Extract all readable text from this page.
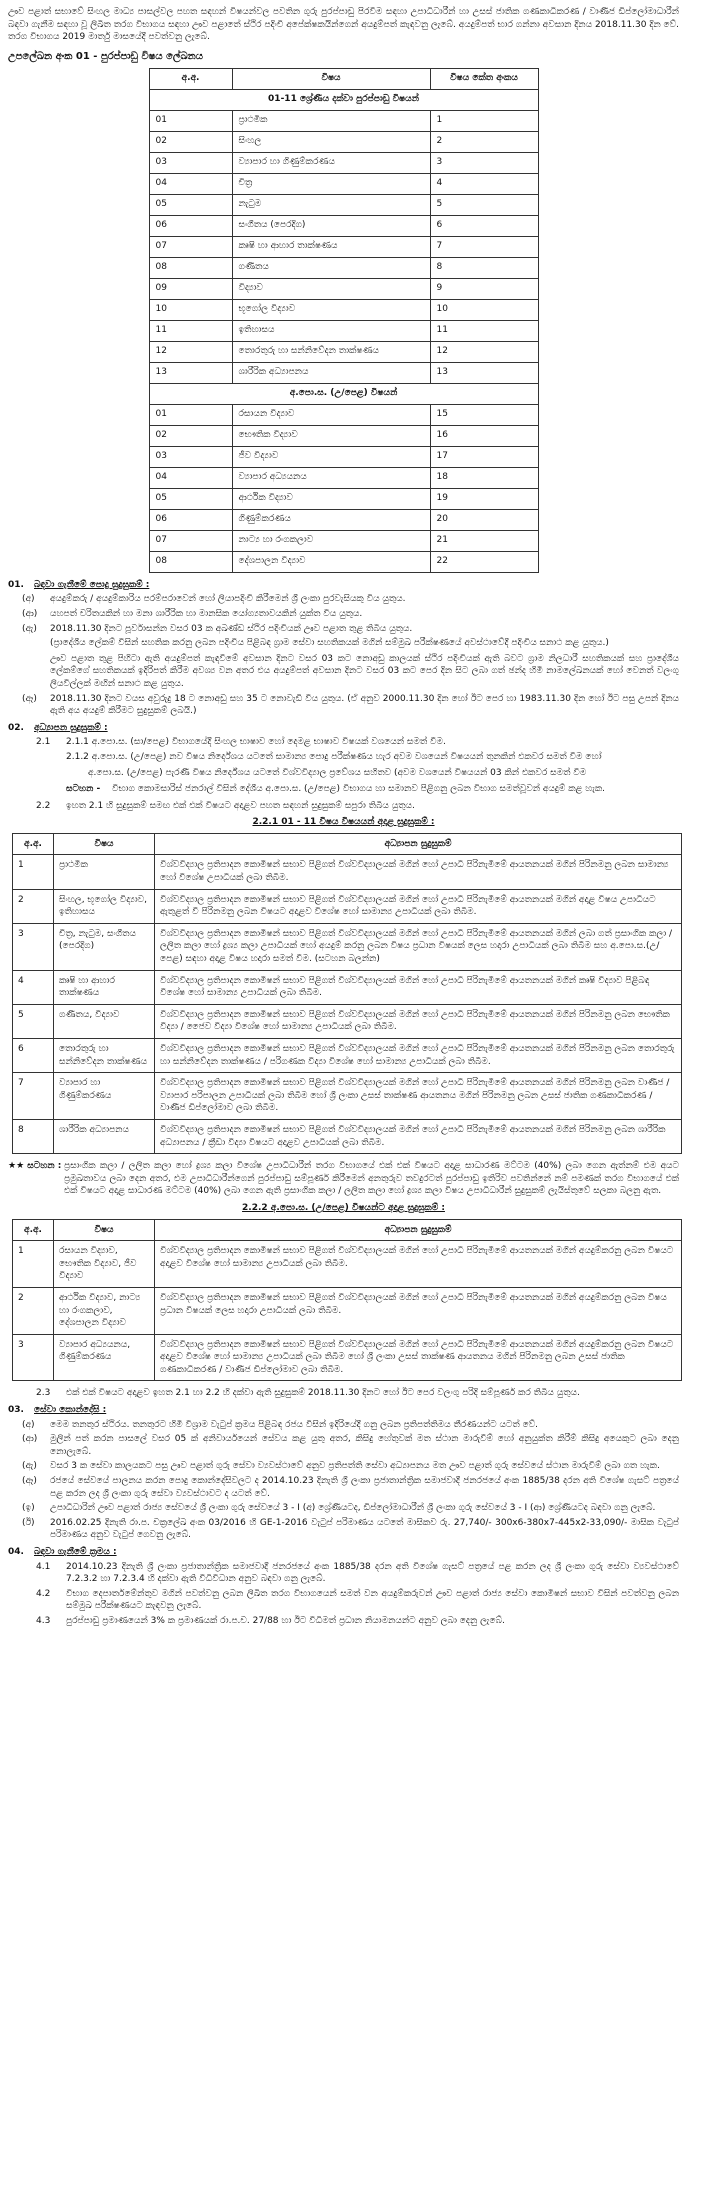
ඌව පළාත් සභාවේ සිංහල මාධ්‍ය පාසල්වල පහත සඳහන් විෂයන්වල පවතින ගුරු පුරප්පාඩු පිරවීම සඳහා උපාධිධාරීන් හා උසස් ජාතික ගණකාධිකරණ / වාණිජ ඩිප්ලෝමාධාරීන් බඳවා ගැනීම සඳහා වූ ලිඛිත තරග විභාගය සඳහා ඌව පළාතේ ස්ථිර පදිංචි අපේක්ෂකයින්ගෙන් අයදුම්පත් කැඳවනු ලැබේ. අයදුම්පත් භාර ගන්නා අවසාන දිනය 2018.11.30 දින වේ. තරග විභාගය 2019 මාර්තු මාසයේදී පවත්වනු ලැබේ.

උපලේඛන අංක 01 - පුරප්පාඩු විෂය ලේඛනය
අ.අ.	විෂය	විෂය කේත අංකය
01-11 ශ්‍රේණිය දක්වා පුරප්පාඩු විෂයන්		
01	ප්‍රාථමික	1
02	සිංහල	2
03	ව්‍යාපාර හා ගිණුම්කරණය	3
04	චිත්‍ර	4
05	නැටුම	5
06	සංගීතය (පෙරදිග)	6
07	කෘෂි හා ආහාර තාක්ෂණය	7
08	ගණිතය	8
09	විද්‍යාව	9
10	භූගෝල විද්‍යාව	10
11	ඉතිහාසය	11
12	තොරතුරු හා සන්නිවේදන තාක්ෂණය	12
13	ශාරීරික අධ්‍යාපනය	13
අ.පො.ස. (උ/පෙළ) විෂයන්		
01	රසායන විද්‍යාව	15
02	භෞතික විද්‍යාව	16
03	ජීව විද්‍යාව	17
04	ව්‍යාපාර අධ්‍යයනය	18
05	ආර්ථික විද්‍යාව	19
06	ගිණුම්කරණය	20
07	නාට්‍ය හා රංගකලාව	21
08	දේශපාලන විද්‍යාව	22
01.	බඳවා ගැනීමේ පොදු සුදුසුකම් :
(අ)	අයදුම්කරු / අයදුම්කාරිය පරම්පරාවෙන් හෝ ලියාපදිංචි කිරීමෙන් ශ්‍රී ලංකා පුරවැසියකු විය යුතුය.
(ආ)	යහපත් චරිතයකින් හා මනා ශාරීරික හා මානසික යෝග්‍යතාවයකින් යුක්ත විය යුතුය.
(ඇ)	2018.11.30 දිනට පූර්වාසන්න වසර 03 ක අඛණ්ඩ ස්ථිර පදිංචියක් ඌව පළාත තුළ තිබිය යුතුය.
(ප්‍රාදේශීය ලේකම් විසින් සහතික කරනු ලබන පදිංචිය පිළිබඳ ග්‍රාම සේවා සහතිකයක් මගින් සම්මුඛ පරීක්ෂණයේ අවස්ථාවේදී පදිංචිය සනාථ කළ යුතුය.)
ඌව පළාත තුළ පිහිටා ඇති අයදුම්පත් කැඳවීමේ අවසාන දිනට වසර 03 කට නොඅඩු කාලයක් ස්ථිර පදිංචියක් ඇති බවට ග්‍රාම නිලධාරී සහතිකයක් සහ ප්‍රාදේශීය ලේකම්ගේ සහතිකයක් ඉදිරිපත් කිරීම අවශ්‍ය වන අතර එය අයදුම්පත් අවසාන දිනට වසර 03 කට පෙර දින සිට ලබා ගත් ඡන්ද හිමි නාමලේඛනයක් හෝ වෙනත් වලංගු ලියවිල්ලක් මඟින් සනාථ කළ යුතුය.
(ඈ)	2018.11.30 දිනට වයස අවුරුදු 18 ට නොඅඩු සහ 35 ට නොවැඩි විය යුතුය. (ඒ අනුව 2000.11.30 දින හෝ ඊට පෙර හා 1983.11.30 දින හෝ ඊට පසු උපන් දිනය ඇති අය අයදුම් කිරීමට සුදුසුකම් ලබයි.)
02.	අධ්‍යාපන සුදුසුකම් :
2.1	2.1.1 අ.පො.ස. (සා/පෙළ) විභාගයේදී සිංහල භාෂාව හෝ දෙමළ භාෂාව විෂයක් වශයෙන් සමත් වීම.
2.1.2 අ.පො.ස. (උ/පෙළ) නව විෂය නිර්දේශය යටතේ සාමාන්‍ය පොදු පරීක්ෂණය හැර අවම වශයෙන් විෂයයන් තුනකින් එකවර සමත් වීම හෝ
අ.පො.ස. (උ/පෙළ) පැරණි විෂය නිර්දේශය යටතේ විශ්වවිද්‍යාල ප්‍රවේශය සහිතව (අවම වශයෙන් විෂයයන් 03 කින් එකවර සමත් වීම
සටහන -	විභාග කොමසාරිස් ජනරාල් විසින් දේශීය අ.පො.ස. (උ/පෙළ) විභාගය හා සමානව පිළිගනු ලබන විභාග සමත්වූවන් අයදුම් කළ හැක.
2.2	ඉහත 2.1 හි සුදුසුකම් සමඟ එක් එක් විෂයට අදාළව පහත සඳහන් සුදුසුකම් සපුරා තිබිය යුතුය.
2.2.1 01 - 11 විෂය විෂයයන් අදාළ සුදුසුකම් :
අ.අ.	විෂය	අධ්‍යාපන සුදුසුකම්
1	ප්‍රාථමික	විශ්වවිද්‍යාල ප්‍රතිපාදන කොමිෂන් සභාව පිළිගත් විශ්වවිද්‍යාලයක් මගින් හෝ උපාධි පිරිනැමීමේ ආයතනයක් මගින් පිරිනමනු ලබන සාමාන්‍ය හෝ විශේෂ උපාධියක් ලබා තිබීම.
2	සිංහල, භූගෝල විද්‍යාව, ඉතිහාසය	විශ්වවිද්‍යාල ප්‍රතිපාදන කොමිෂන් සභාව පිළිගත් විශ්වවිද්‍යාලයක් මගින් හෝ උපාධි පිරිනැමීමේ ආයතනයක් මගින් අදාළ විෂය උපාධියට ඇතුළත් වී පිරිනමනු ලබන විෂයට අදාළව විශේෂ හෝ සාමාන්‍ය උපාධියක් ලබා තිබීම.
3	චිත්‍ර, නැටුම, සංගීතය (පෙරදිග)	විශ්වවිද්‍යාල ප්‍රතිපාදන කොමිෂන් සභාව පිළිගත් විශ්වවිද්‍යාලයක් මගින් හෝ උපාධි පිරිනැමීමේ ආයතනයක් මගින් ලබා ගත් ප්‍රසාංගික කලා / ලලිත කලා හෝ ද්‍රශ්‍ය කලා උපාධියක් හෝ අයදුම් කරනු ලබන විෂය ප්‍රධාන විෂයක් ලෙස හදාරා උපාධියක් ලබා තිබීම සහ අ.පො.ස.(උ/පෙළ) සඳහා අදාළ විෂය හදාරා සමත් වීම. (සටහන බලන්න)
4	කෘෂි හා ආහාර තාක්ෂණය	විශ්වවිද්‍යාල ප්‍රතිපාදන කොමිෂන් සභාව පිළිගත් විශ්වවිද්‍යාලයක් මගින් හෝ උපාධි පිරිනැමීමේ ආයතනයක් මගින් කෘෂි විද්‍යාව පිළිබඳ විශේෂ හෝ සාමාන්‍ය උපාධියක් ලබා තිබීම.
5	ගණිතය, විද්‍යාව	විශ්වවිද්‍යාල ප්‍රතිපාදන කොමිෂන් සභාව පිළිගත් විශ්වවිද්‍යාලයක් මගින් හෝ උපාධි පිරිනැමීමේ ආයතනයක් මගින් පිරිනමනු ලබන භෞතික විද්‍යා / ජෛව විද්‍යා විශේෂ හෝ සාමාන්‍ය උපාධියක් ලබා තිබීම.
6	තොරතුරු හා සන්නිවේදන තාක්ෂණය	විශ්වවිද්‍යාල ප්‍රතිපාදන කොමිෂන් සභාව පිළිගත් විශ්වවිද්‍යාලයක් මගින් හෝ උපාධි පිරිනැමීමේ ආයතනයක් මගින් පිරිනමනු ලබන තොරතුරු හා සන්නිවේදන තාක්ෂණය / පරිගණක විද්‍යා විශේෂ හෝ සාමාන්‍ය උපාධියක් ලබා තිබීම.
7	ව්‍යාපාර හා ගිණුම්කරණය	විශ්වවිද්‍යාල ප්‍රතිපාදන කොමිෂන් සභාව පිළිගත් විශ්වවිද්‍යාලයක් මගින් හෝ උපාධි පිරිනැමීමේ ආයතනයක් මගින් පිරිනමනු ලබන වාණිජ / ව්‍යාපාර පරිපාලන උපාධියක් ලබා තිබීම හෝ ශ්‍රී ලංකා උසස් තාක්ෂණ ආයතනය මගින් පිරිනමනු ලබන උසස් ජාතික ගණකාධිකරණ / වාණිජ ඩිප්ලෝමාව ලබා තිබීම.
8	ශාරීරික අධ්‍යාපනය	විශ්වවිද්‍යාල ප්‍රතිපාදන කොමිෂන් සභාව පිළිගත් විශ්වවිද්‍යාලයක් මගින් හෝ උපාධි පිරිනැමීමේ ආයතනයක් මගින් පිරිනමනු ලබන ශාරීරික අධ්‍යාපනය / ක්‍රීඩා විද්‍යා විෂයට අදාළව උපාධියක් ලබා තිබීම.
★★ සටහන : ප්‍රසාංගික කලා / ලලිත කලා හෝ ද්‍රශ්‍ය කලා විශේෂ උපාධිධාරීන් තරග විභාගයේ එක් එක් විෂයට අදාළ සාධාරණ මට්ටම (40%) ලබා ගෙන ඇත්නම් එම අයට ප්‍රමුඛතාවය ලබා දෙන අතර, එම උපාධිධාරීන්ගෙන් පුරප්පාඩු සම්පූර්ණ කිරීමෙන් අනතුරුව තවදුරටත් පුරප්පාඩු ඉතිරිව පවතින්නේ නම් පමණක් තරග විභාගයේ එක් එක් විෂයට අදාළ සාධාරණ මට්ටම (40%) ලබා ගෙන ඇති ප්‍රසාංගික කලා / ලලිත කලා හෝ ද්‍රශ්‍ය කලා විෂය උපාධිධාරීන් සුදුසුකම් ලැයිස්තුවේ සලකා බලනු ඇත.
2.2.2 අ.පො.ස. (උ/පෙළ) විෂයන්ට අදාළ සුදුසුකම් :
අ.අ.	විෂය	අධ්‍යාපන සුදුසුකම්
1	රසායන විද්‍යාව, භෞතික විද්‍යාව, ජීව විද්‍යාව	විශ්වවිද්‍යාල ප්‍රතිපාදන කොමිෂන් සභාව පිළිගත් විශ්වවිද්‍යාලයක් මගින් හෝ උපාධි පිරිනැමීමේ ආයතනයක් මගින් අයදුම්කරනු ලබන විෂයට අදාළව විශේෂ හෝ සාමාන්‍ය උපාධියක් ලබා තිබීම.
2	ආර්ථික විද්‍යාව, නාට්‍ය හා රංගකලාව, දේශපාලන විද්‍යාව	විශ්වවිද්‍යාල ප්‍රතිපාදන කොමිෂන් සභාව පිළිගත් විශ්වවිද්‍යාලයක් මගින් හෝ උපාධි පිරිනැමීමේ ආයතනයක් මගින් අයදුම්කරනු ලබන විෂය ප්‍රධාන විෂයක් ලෙස හදාරා උපාධියක් ලබා තිබීම.
3	ව්‍යාපාර අධ්‍යයනය, ගිණුම්කරණය	විශ්වවිද්‍යාල ප්‍රතිපාදන කොමිෂන් සභාව පිළිගත් විශ්වවිද්‍යාලයක් මගින් හෝ උපාධි පිරිනැමීමේ ආයතනයක් මගින් අයදුම්කරනු ලබන විෂයට අදාළව විශේෂ හෝ සාමාන්‍ය උපාධියක් ලබා තිබීම හෝ ශ්‍රී ලංකා උසස් තාක්ෂණ ආයතනය මගින් පිරිනමනු ලබන උසස් ජාතික ගණකාධිකරණ / වාණිජ ඩිප්ලෝමාව ලබා තිබීම.
2.3	එක් එක් විෂයට අදාළව ඉහත 2.1 හා 2.2 හි දක්වා ඇති සුදුසුකම් 2018.11.30 දිනට හෝ ඊට පෙර වලංගු පරිදි සම්පූර්ණ කර තිබිය යුතුය.
03.	සේවා කොන්දේසි :
(අ)	මෙම තනතුර ස්ථිරය. තනතුරට හිමි විශ්‍රාම වැටුප් ක්‍රමය පිළිබඳ රජය විසින් ඉදිරියේදී ගනු ලබන ප්‍රතිපත්තිමය තීරණයන්ට යටත් වේ.
(ආ)	මුලින් පත් කරන පාසලේ වසර 05 ක් අනිවාර්යයෙන් සේවය කළ යුතු අතර, කිසිදු හේතුවක් මත ස්ථාන මාරුවීම් හෝ අනුයුක්ත කිරීම් කිසිදු අයෙකුට ලබා දෙනු නොලැබේ.
(ඇ)	වසර 3 ක සේවා කාලයකට පසු ඌව පළාත් ගුරු සේවා ව්‍යවස්ථාවේ අනුව ප්‍රතිපත්ති සේවා අධ්‍යාපනය මත ඌව පළාත් ගුරු සේවයේ ස්ථාන මාරුවීම් ලබා ගත හැක.
(ඈ)	රජයේ සේවයේ පාලනය කරන පොදු කොන්දේසිවලට ද 2014.10.23 දිනැති ශ්‍රී ලංකා ප්‍රජාතාන්ත්‍රික සමාජවාදී ජනරජයේ අංක 1885/38 දරන අති විශේෂ ගැසට් පත්‍රයේ පළ කරන ලද ශ්‍රී ලංකා ගුරු සේවා ව්‍යවස්ථාවට ද යටත් වේ.
(ඉ)	උපාධිධාරින් ඌව පළාත් රාජ්‍ය සේවයේ ශ්‍රී ලංකා ගුරු සේවයේ 3 - I (අ) ශ්‍රේණියටද, ඩිප්ලෝමාධාරීන් ශ්‍රී ලංකා ගුරු සේවයේ 3 - I (ආ) ශ්‍රේණියටද බඳවා ගනු ලැබේ.
(ඊ)	2016.02.25 දිනැති රා.ප. චක්‍රලේඛ අංක 03/2016 හි GE-1-2016 වැටුප් පරිමාණය යටතේ මාසිකව රු. 27,740/- 300x6-380x7-445x2-33,090/- මාසික වැටුප් පරිමාණය අනුව වැටුප් ගෙවනු ලැබේ.
04.	බඳවා ගැනීමේ ක්‍රමය :
4.1	2014.10.23 දිනැති ශ්‍රී ලංකා ප්‍රජාතාන්ත්‍රික සමාජවාදී ජනරජයේ අංක 1885/38 දරන අති විශේෂ ගැසට් පත්‍රයේ පළ කරන ලද ශ්‍රී ලංකා ගුරු සේවා ව්‍යවස්ථාවේ 7.2.3.2 හා 7.2.3.4 හි දක්වා ඇති විධිවිධාන අනුව බඳවා ගනු ලැබේ.
4.2	විභාග දෙපාර්තමේන්තුව මගින් පවත්වනු ලබන ලිඛිත තරග විභාගයෙන් සමත් වන අයදුම්කරුවන් ඌව පළාත් රාජ්‍ය සේවා කොමිෂන් සභාව විසින් පවත්වනු ලබන සම්මුඛ පරීක්ෂණයට කැඳවනු ලැබේ.
4.3	පුරප්පාඩු ප්‍රමාණයෙන් 3% ක ප්‍රමාණයක් රා.ප.ච. 27/88 හා ඊට විධිමත් ප්‍රධාන නියාමනයන්ට අනුව ලබා දෙනු ලැබේ.
